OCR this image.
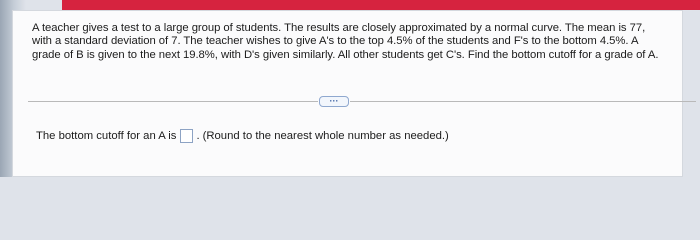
A teacher gives a test to a large group of students. The results are closely approximated by a normal curve. The mean is 77, with a standard deviation of 7. The teacher wishes to give A's to the top 4.5% of the students and F's to the bottom 4.5%. A grade of B is given to the next 19.8%, with D's given similarly. All other students get C's. Find the bottom cutoff for a grade of A.

···
The bottom cutoff for an A is . (Round to the nearest whole number as needed.)
